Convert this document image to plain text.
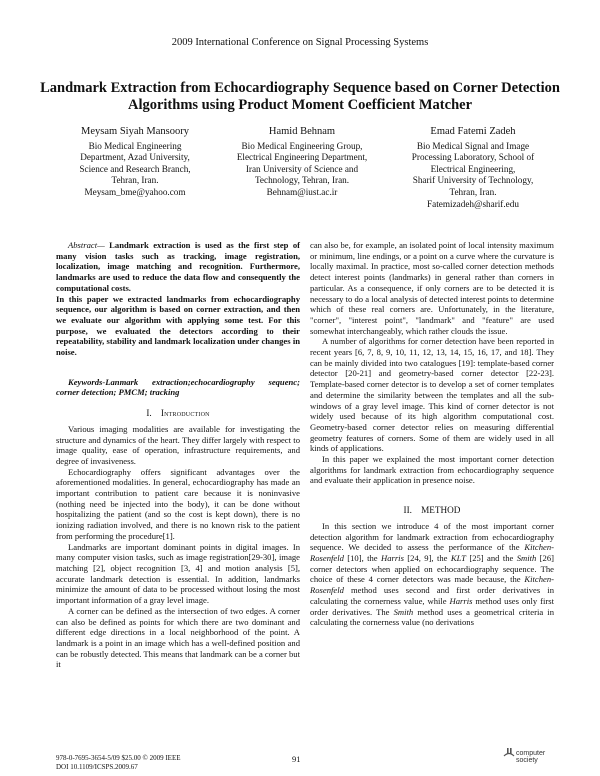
2009 International Conference on Signal Processing Systems
Landmark Extraction from Echocardiography Sequence based on Corner Detection Algorithms using Product Moment Coefficient Matcher
Meysam Siyah Mansoory
Bio Medical Engineering
Department, Azad University,
Science and Research Branch,
Tehran, Iran.
Meysam_bme@yahoo.com
Hamid Behnam
Bio Medical Engineering Group,
Electrical Engineering Department,
Iran University of Science and
Technology, Tehran, Iran.
Behnam@iust.ac.ir
Emad Fatemi Zadeh
Bio Medical Signal and Image
Processing Laboratory, School of
Electrical Engineering,
Sharif University of Technology,
Tehran, Iran.
Fatemizadeh@sharif.edu

Abstract— Landmark extraction is used as the first step of many vision tasks such as tracking, image registration, localization, image matching and recognition. Furthermore, landmarks are used to reduce the data flow and consequently the computational costs.

In this paper we extracted landmarks from echocardiography sequence, our algorithm is based on corner extraction, and then we evaluate our algorithm with applying some test. For this purpose, we evaluated the detectors according to their repeatability, stability and landmark localization under changes in noise.

Keywords-Lanmark extraction;echocardiography sequenc; corner detection; PMCM; tracking

I. Introduction

Various imaging modalities are available for investigating the structure and dynamics of the heart. They differ largely with respect to image quality, ease of operation, infrastructure requirements, and degree of invasiveness.

Echocardiography offers significant advantages over the aforementioned modalities. In general, echocardiography has made an important contribution to patient care because it is noninvasive (nothing need be injected into the body), it can be done without hospitalizing the patient (and so the cost is kept down), there is no ionizing radiation involved, and there is no known risk to the patient from performing the procedure[1].

Landmarks are important dominant points in digital images. In many computer vision tasks, such as image registration[29-30], image matching [2], object recognition [3, 4] and motion analysis [5], accurate landmark detection is essential. In addition, landmarks minimize the amount of data to be processed without losing the most important information of a gray level image.

A corner can be defined as the intersection of two edges. A corner can also be defined as points for which there are two dominant and different edge directions in a local neighborhood of the point. A landmark is a point in an image which has a well-defined position and can be robustly detected. This means that landmark can be a corner but it

can also be, for example, an isolated point of local intensity maximum or minimum, line endings, or a point on a curve where the curvature is locally maximal. In practice, most so-called corner detection methods detect interest points (landmarks) in general rather than corners in particular. As a consequence, if only corners are to be detected it is necessary to do a local analysis of detected interest points to determine which of these real corners are. Unfortunately, in the literature, "corner", "interest point", "landmark" and "feature" are used somewhat interchangeably, which rather clouds the issue.

A number of algorithms for corner detection have been reported in recent years [6, 7, 8, 9, 10, 11, 12, 13, 14, 15, 16, 17, and 18]. They can be mainly divided into two catalogues [19]: template-based corner detector [20-21] and geometry-based corner detector [22-23]. Template-based corner detector is to develop a set of corner templates and determine the similarity between the templates and all the sub-windows of a gray level image. This kind of corner detector is not widely used because of its high algorithm computational cost. Geometry-based corner detector relies on measuring differential geometry features of corners. Some of them are widely used in all kinds of applications.

In this paper we explained the most important corner detection algorithms for landmark extraction from echocardiography sequence and evaluate their application in presence noise.

II. METHOD

In this section we introduce 4 of the most important corner detection algorithm for landmark extraction from echocardiography sequence. We decided to assess the performance of the Kitchen-Rosenfeld [10], the Harris [24, 9], the KLT [25] and the Smith [26] corner detectors when applied on echocardiography sequence. The choice of these 4 corner detectors was made because, the Kitchen-Rosenfeld method uses second and first order derivatives in calculating the cornerness value, while Harris method uses only first order derivatives. The Smith method uses a geometrical criteria in calculating the cornerness value (no derivations

978-0-7695-3654-5/09 $25.00 © 2009 IEEE
DOI 10.1109/ICSPS.2009.67
91
computer
society
